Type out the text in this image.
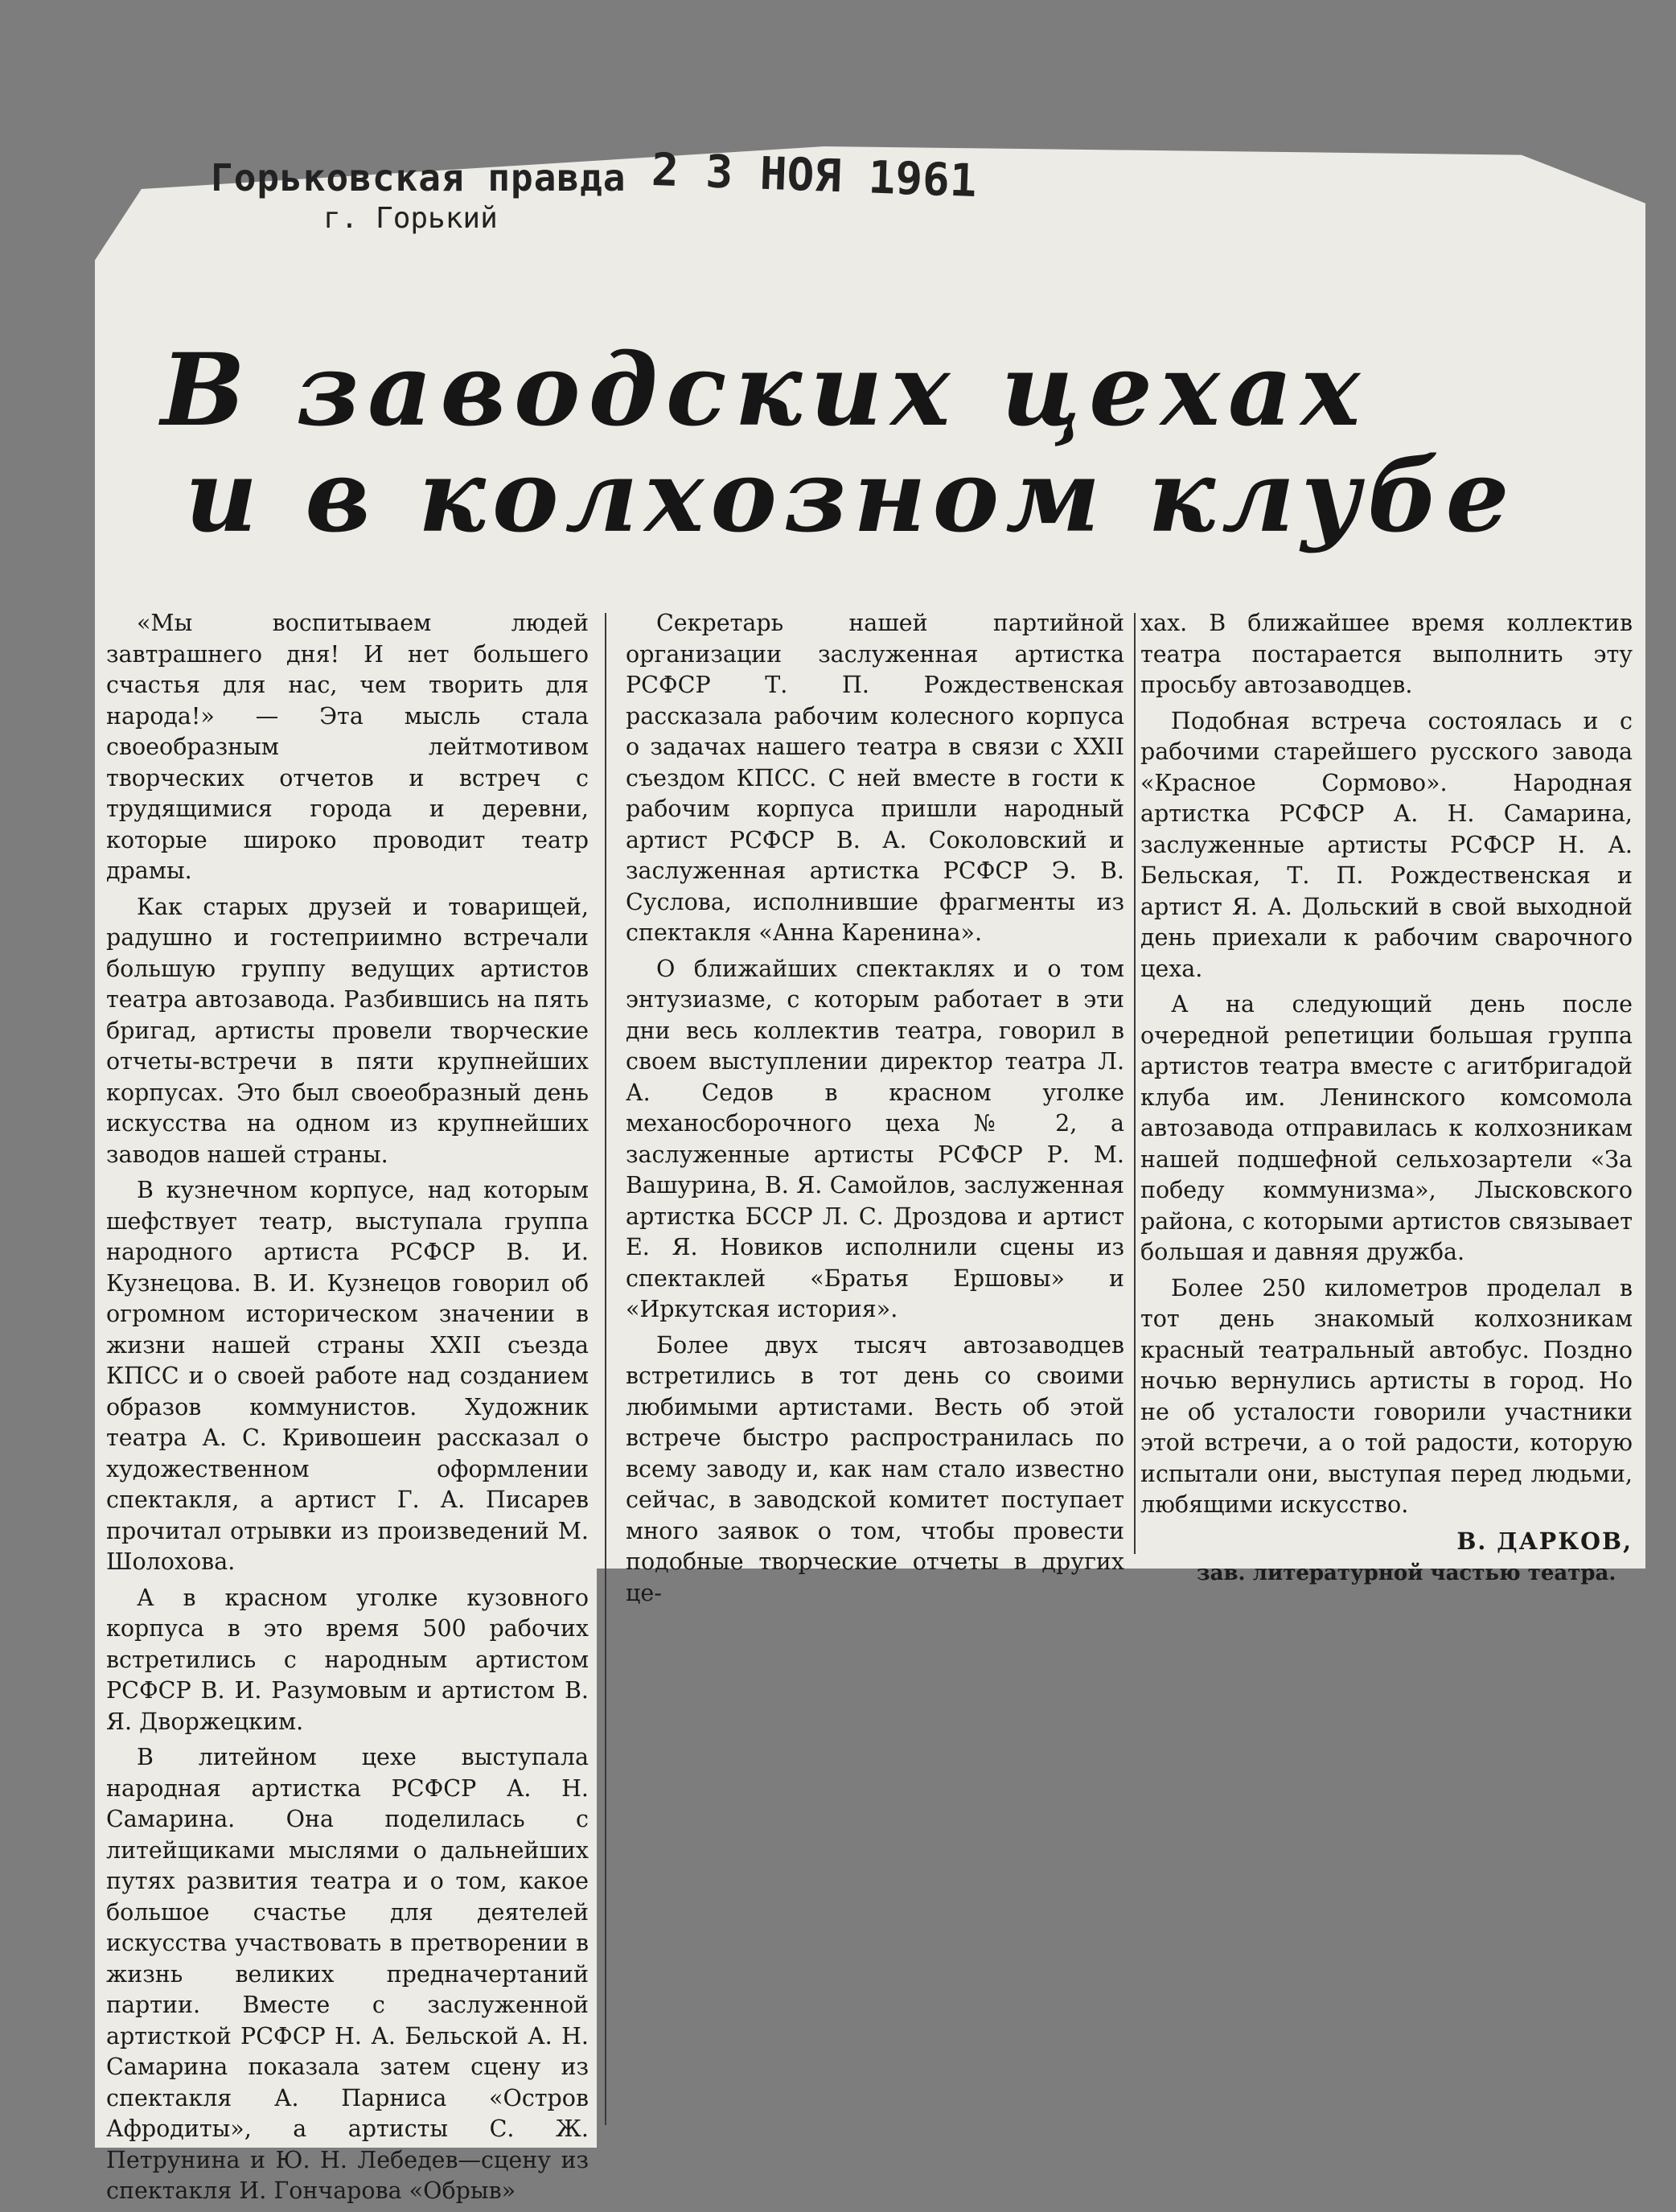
Горьковская правда 2 3 НОЯ 1961
г. Горький
В заводских цехах
и в колхозном клубе

«Мы воспитываем людей завтрашнего дня! И нет большего счастья для нас, чем творить для народа!» — Эта мысль стала своеобразным лейтмотивом творческих отчетов и встреч с трудящимися города и деревни, которые широко проводит театр драмы.

Как старых друзей и товарищей, радушно и гостеприимно встречали большую группу ведущих артистов театра автозавода. Разбившись на пять бригад, артисты провели творческие отчеты-встречи в пяти крупнейших корпусах. Это был своеобразный день искусства на одном из крупнейших заводов нашей страны.

В кузнечном корпусе, над которым шефствует театр, выступала группа народного артиста РСФСР В. И. Кузнецова. В. И. Кузнецов говорил об огромном историческом значении в жизни нашей страны XXII съезда КПСС и о своей работе над созданием образов коммунистов. Художник театра А. С. Кривошеин рассказал о художественном оформлении спектакля, а артист Г. А. Писарев прочитал отрывки из произведений М. Шолохова.

А в красном уголке кузовного корпуса в это время 500 рабочих встретились с народным артистом РСФСР В. И. Разумовым и артистом В. Я. Дворжецким.

В литейном цехе выступала народная артистка РСФСР А. Н. Самарина. Она поделилась с литейщиками мыслями о дальнейших путях развития театра и о том, какое большое счастье для деятелей искусства участвовать в претворении в жизнь великих предначертаний партии. Вместе с заслуженной артисткой РСФСР Н. А. Бельской А. Н. Самарина показала затем сцену из спектакля А. Парниса «Остров Афродиты», а артисты С. Ж. Петрунина и Ю. Н. Лебедев—сцену из спектакля И. Гончарова «Обрыв»

Секретарь нашей партийной организации заслуженная артистка РСФСР Т. П. Рождественская рассказала рабочим колесного корпуса о задачах нашего театра в связи с XXII съездом КПСС. С ней вместе в гости к рабочим корпуса пришли народный артист РСФСР В. А. Соколовский и заслуженная артистка РСФСР Э. В. Суслова, исполнившие фрагменты из спектакля «Анна Каренина».

О ближайших спектаклях и о том энтузиазме, с которым работает в эти дни весь коллектив театра, говорил в своем выступлении директор театра Л. А. Седов в красном уголке механосборочного цеха № 2, а заслуженные артисты РСФСР Р. М. Вашурина, В. Я. Самойлов, заслуженная артистка БССР Л. С. Дроздова и артист Е. Я. Новиков исполнили сцены из спектаклей «Братья Ершовы» и «Иркутская история».

Более двух тысяч автозаводцев встретились в тот день со своими любимыми артистами. Весть об этой встрече быстро распространилась по всему заводу и, как нам стало известно сейчас, в заводской комитет поступает много заявок о том, чтобы провести подобные творческие отчеты в других це-

хах. В ближайшее время коллектив театра постарается выполнить эту просьбу автозаводцев.

Подобная встреча состоялась и с рабочими старейшего русского завода «Красное Сормово». Народная артистка РСФСР А. Н. Самарина, заслуженные артисты РСФСР Н. А. Бельская, Т. П. Рождественская и артист Я. А. Дольский в свой выходной день приехали к рабочим сварочного цеха.

А на следующий день после очередной репетиции большая группа артистов театра вместе с агитбригадой клуба им. Ленинского комсомола автозавода отправилась к колхозникам нашей подшефной сельхозартели «За победу коммунизма», Лысковского района, с которыми артистов связывает большая и давняя дружба.

Более 250 километров проделал в тот день знакомый колхозникам красный театральный автобус. Поздно ночью вернулись артисты в город. Но не об усталости говорили участники этой встречи, а о той радости, которую испытали они, выступая перед людьми, любящими искусство.

В. ДАРКОВ,
зав. литературной частью театра.
